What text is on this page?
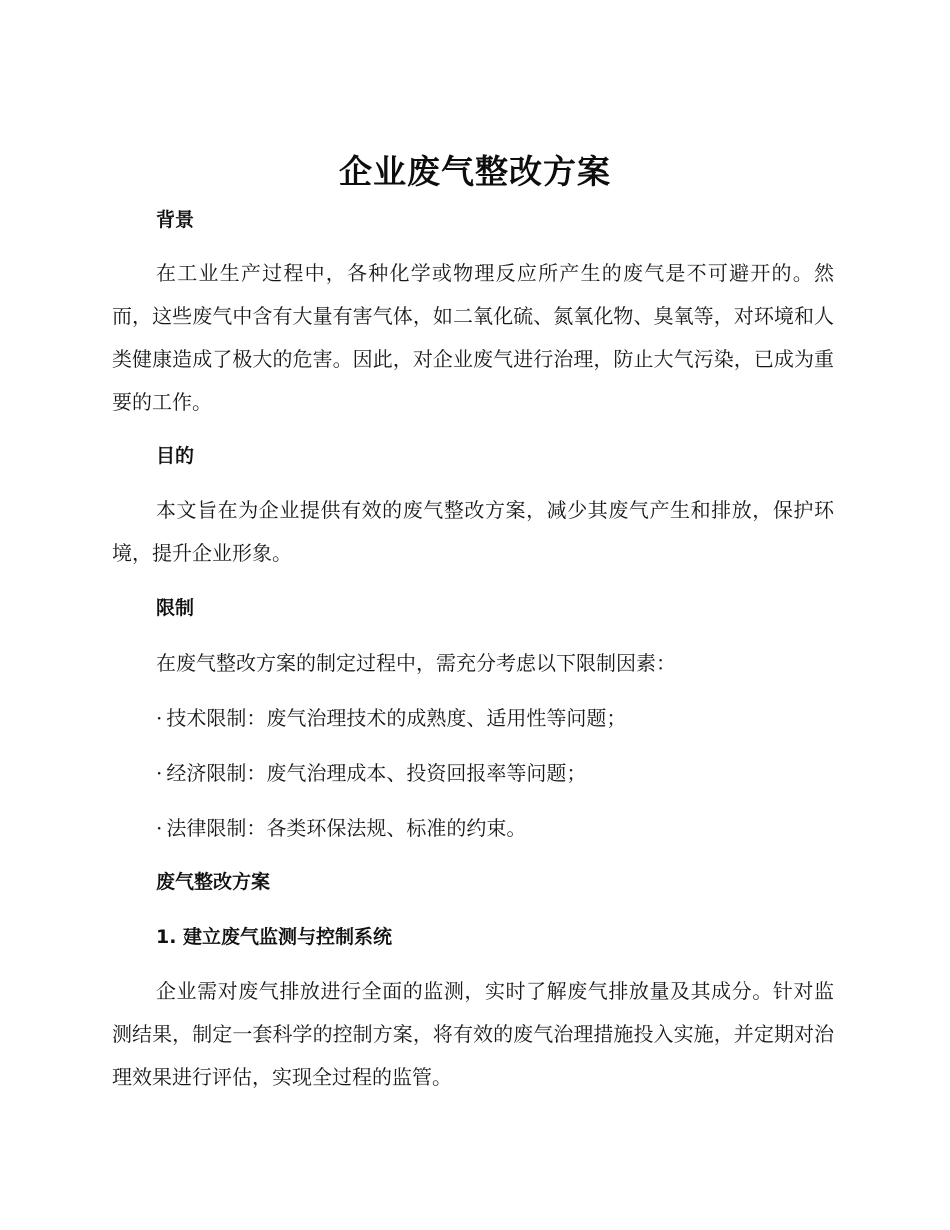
企业废气整改方案
背景
在工业生产过程中，各种化学或物理反应所产生的废气是不可避开的。然而，这些废气中含有大量有害气体，如二氧化硫、氮氧化物、臭氧等，对环境和人类健康造成了极大的危害。因此，对企业废气进行治理，防止大气污染，已成为重要的工作。
目的
本文旨在为企业提供有效的废气整改方案，减少其废气产生和排放，保护环境，提升企业形象。
限制
在废气整改方案的制定过程中，需充分考虑以下限制因素：
· 技术限制：废气治理技术的成熟度、适用性等问题；
· 经济限制：废气治理成本、投资回报率等问题；
· 法律限制：各类环保法规、标准的约束。
废气整改方案
1. 建立废气监测与控制系统
企业需对废气排放进行全面的监测，实时了解废气排放量及其成分。针对监测结果，制定一套科学的控制方案，将有效的废气治理措施投入实施，并定期对治理效果进行评估，实现全过程的监管。
